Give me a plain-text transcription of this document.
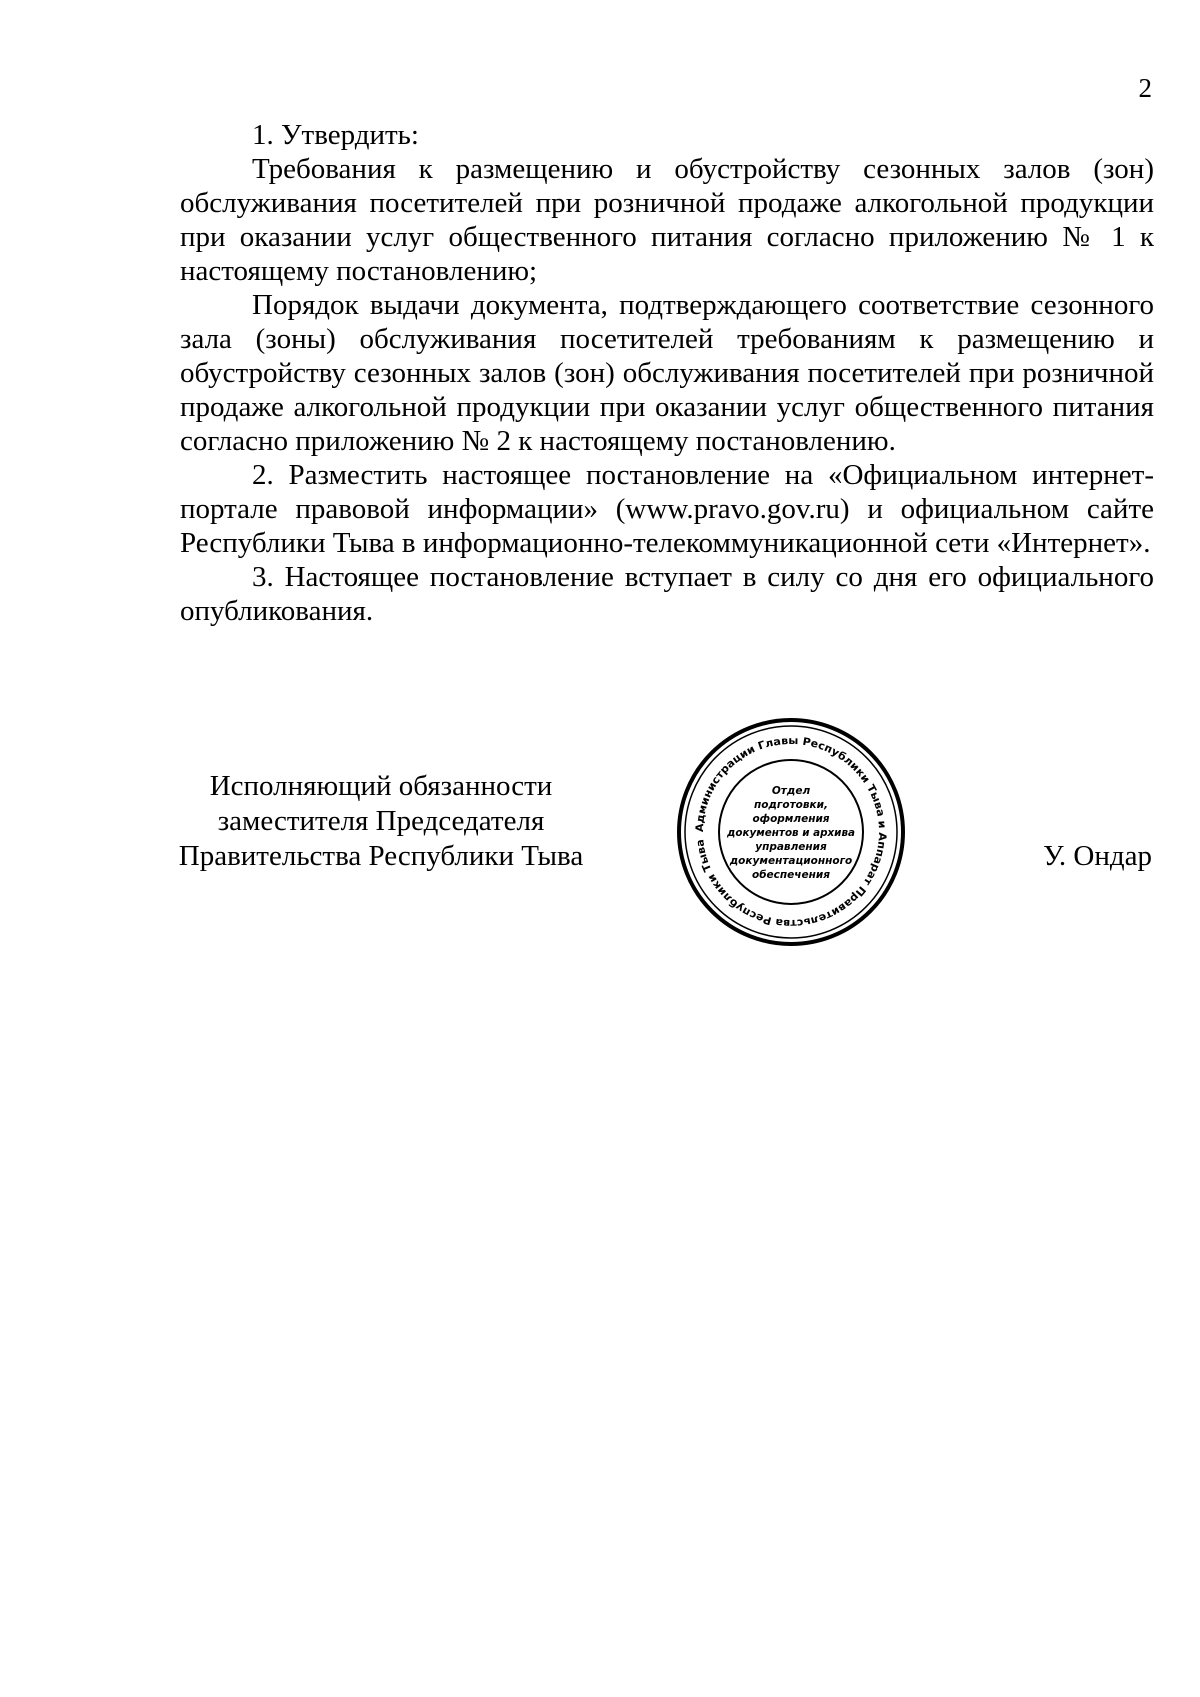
2

1. Утвердить:

Требования к размещению и обустройству сезонных залов (зон) обслуживания посетителей при розничной продаже алкогольной продукции при оказании услуг общественного питания согласно приложению № 1 к настоящему постановлению;

Порядок выдачи документа, подтверждающего соответствие сезонного зала (зоны) обслуживания посетителей требованиям к размещению и обустройству сезонных залов (зон) обслуживания посетителей при розничной продаже алкогольной продукции при оказании услуг общественного питания согласно приложению № 2 к настоящему постановлению.

2. Разместить настоящее постановление на «Официальном интернет-портале правовой информации» (www.pravo.gov.ru) и официальном сайте Республики Тыва в информационно-телекоммуникационной сети «Интернет».

3. Настоящее постановление вступает в силу со дня его официального опубликования.

Исполняющий обязанности
заместителя Председателя
Правительства Республики Тыва
Администрации Главы Республики Тыва и Аппарат Правительства Республики Тыва
Отдел
подготовки,
оформления
документов и архива
управления
документационного
обеспечения
У. Ондар
